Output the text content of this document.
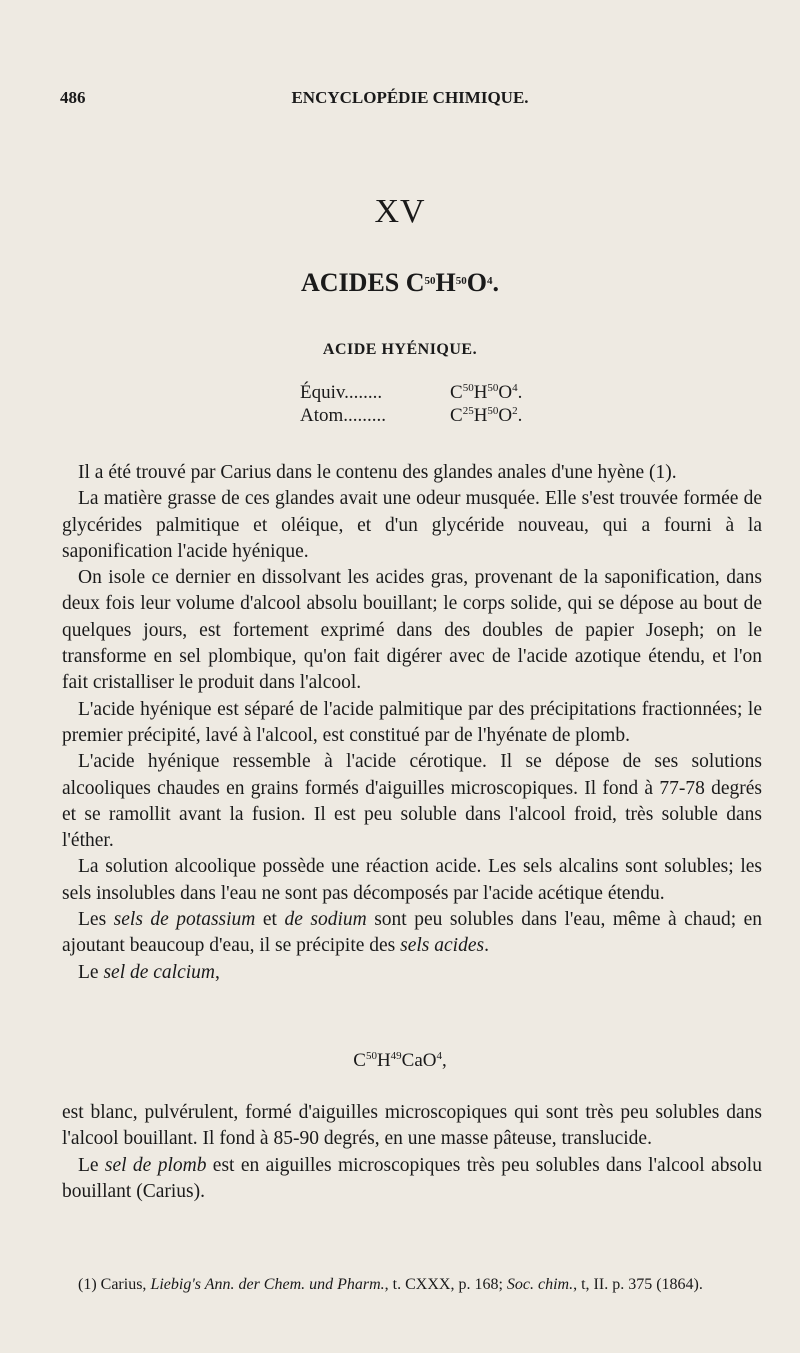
486	ENCYCLOPÉDIE CHIMIQUE.
XV
ACIDES $C^{50}H^{50}O^4$.
ACIDE HYÉNIQUE.
Équiv........	$C^{50}H^{50}O^4$.
Atom.........	$C^{25}H^{50}O^2$.

Il a été trouvé par Carius dans le contenu des glandes anales d'une hyène (1).

La matière grasse de ces glandes avait une odeur musquée. Elle s'est trouvée formée de glycérides palmitique et oléique, et d'un glycéride nouveau, qui a fourni à la saponification l'acide hyénique.

On isole ce dernier en dissolvant les acides gras, provenant de la saponification, dans deux fois leur volume d'alcool absolu bouillant; le corps solide, qui se dépose au bout de quelques jours, est fortement exprimé dans des doubles de papier Joseph; on le transforme en sel plombique, qu'on fait digérer avec de l'acide azotique étendu, et l'on fait cristalliser le produit dans l'alcool.

L'acide hyénique est séparé de l'acide palmitique par des précipitations fractionnées; le premier précipité, lavé à l'alcool, est constitué par de l'hyénate de plomb.

L'acide hyénique ressemble à l'acide cérotique. Il se dépose de ses solutions alcooliques chaudes en grains formés d'aiguilles microscopiques. Il fond à 77-78 degrés et se ramollit avant la fusion. Il est peu soluble dans l'alcool froid, très soluble dans l'éther.

La solution alcoolique possède une réaction acide. Les sels alcalins sont solubles; les sels insolubles dans l'eau ne sont pas décomposés par l'acide acétique étendu.

Les sels de potassium et de sodium sont peu solubles dans l'eau, même à chaud; en ajoutant beaucoup d'eau, il se précipite des sels acides.

Le sel de calcium,

$C^{50}H^{49}CaO^4$,
est blanc, pulvérulent, formé d'aiguilles microscopiques qui sont très peu solubles dans l'alcool bouillant. Il fond à 85-90 degrés, en une masse pâteuse, translucide.

Le sel de plomb est en aiguilles microscopiques très peu solubles dans l'alcool absolu bouillant (Carius).

(1) Carius, Liebig's Ann. der Chem. und Pharm., t. CXXX, p. 168; Soc. chim., t, II. p. 375 (1864).
